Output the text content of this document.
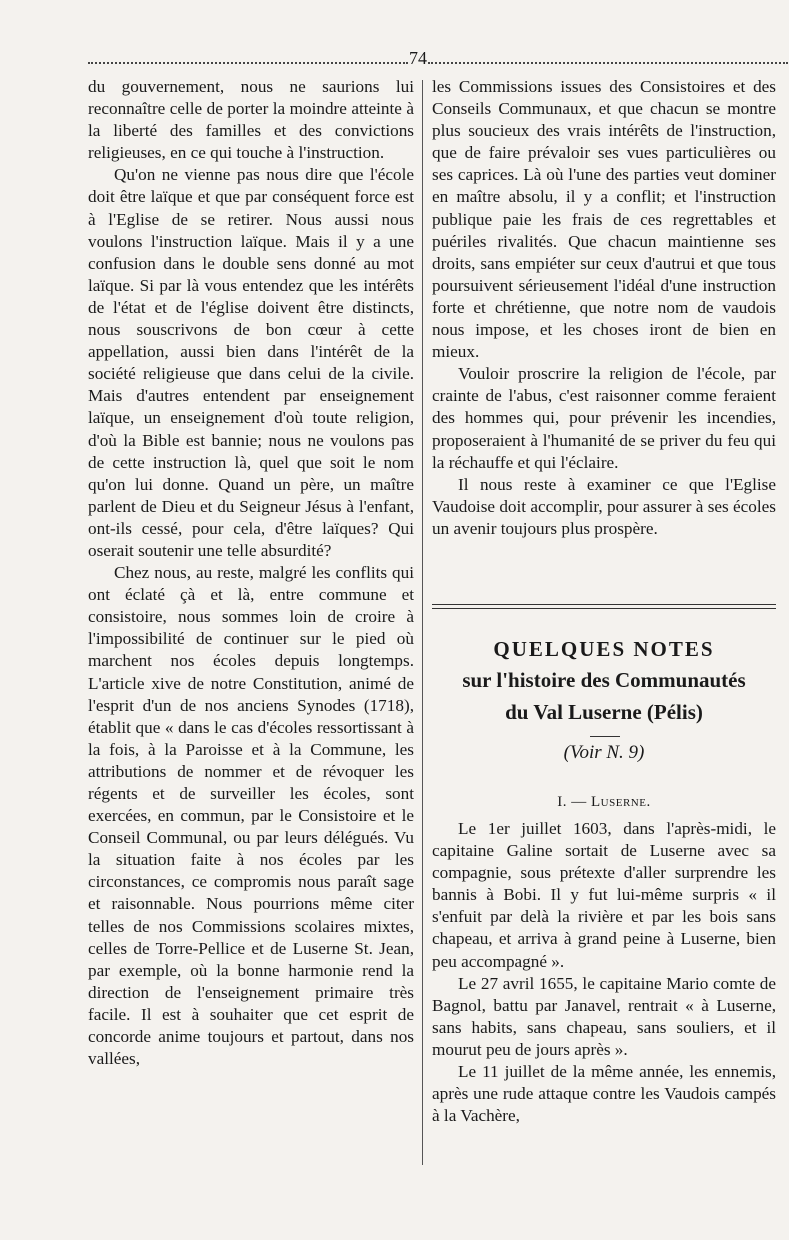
74

du gouvernement, nous ne saurions lui reconnaître celle de porter la moindre atteinte à la liberté des familles et des convictions religieuses, en ce qui touche à l'instruction.

Qu'on ne vienne pas nous dire que l'école doit être laïque et que par conséquent force est à l'Eglise de se retirer. Nous aussi nous voulons l'instruction laïque. Mais il y a une confusion dans le double sens donné au mot laïque. Si par là vous entendez que les intérêts de l'état et de l'église doivent être distincts, nous souscrivons de bon cœur à cette appellation, aussi bien dans l'intérêt de la société religieuse que dans celui de la civile. Mais d'autres entendent par enseignement laïque, un enseignement d'où toute religion, d'où la Bible est bannie; nous ne voulons pas de cette instruction là, quel que soit le nom qu'on lui donne. Quand un père, un maître parlent de Dieu et du Seigneur Jésus à l'enfant, ont-ils cessé, pour cela, d'être laïques? Qui oserait soutenir une telle absurdité?

Chez nous, au reste, malgré les conflits qui ont éclaté çà et là, entre commune et consistoire, nous sommes loin de croire à l'impossibilité de continuer sur le pied où marchent nos écoles depuis longtemps. L'article xive de notre Constitution, animé de l'esprit d'un de nos anciens Synodes (1718), établit que « dans le cas d'écoles ressortissant à la fois, à la Paroisse et à la Commune, les attributions de nommer et de révoquer les régents et de surveiller les écoles, sont exercées, en commun, par le Consistoire et le Conseil Communal, ou par leurs délégués. Vu la situation faite à nos écoles par les circonstances, ce compromis nous paraît sage et raisonnable. Nous pourrions même citer telles de nos Commissions scolaires mixtes, celles de Torre-Pellice et de Luserne St. Jean, par exemple, où la bonne harmonie rend la direction de l'enseignement primaire très facile. Il est à souhaiter que cet esprit de concorde anime toujours et partout, dans nos vallées,

les Commissions issues des Consistoires et des Conseils Communaux, et que chacun se montre plus soucieux des vrais intérêts de l'instruction, que de faire prévaloir ses vues particulières ou ses caprices. Là où l'une des parties veut dominer en maître absolu, il y a conflit; et l'instruction publique paie les frais de ces regrettables et puériles rivalités. Que chacun maintienne ses droits, sans empiéter sur ceux d'autrui et que tous poursuivent sérieusement l'idéal d'une instruction forte et chrétienne, que notre nom de vaudois nous impose, et les choses iront de bien en mieux.

Vouloir proscrire la religion de l'école, par crainte de l'abus, c'est raisonner comme feraient des hommes qui, pour prévenir les incendies, proposeraient à l'humanité de se priver du feu qui la réchauffe et qui l'éclaire.

Il nous reste à examiner ce que l'Eglise Vaudoise doit accomplir, pour assurer à ses écoles un avenir toujours plus prospère.

QUELQUES NOTES
sur l'histoire des Communautés
du Val Luserne (Pélis)
(Voir N. 9)
I. — Luserne.

Le 1er juillet 1603, dans l'après-midi, le capitaine Galine sortait de Luserne avec sa compagnie, sous prétexte d'aller surprendre les bannis à Bobi. Il y fut lui-même surpris « il s'enfuit par delà la rivière et par les bois sans chapeau, et arriva à grand peine à Luserne, bien peu accompagné ».

Le 27 avril 1655, le capitaine Mario comte de Bagnol, battu par Janavel, rentrait « à Luserne, sans habits, sans chapeau, sans souliers, et il mourut peu de jours après ».

Le 11 juillet de la même année, les ennemis, après une rude attaque contre les Vaudois campés à la Vachère,
